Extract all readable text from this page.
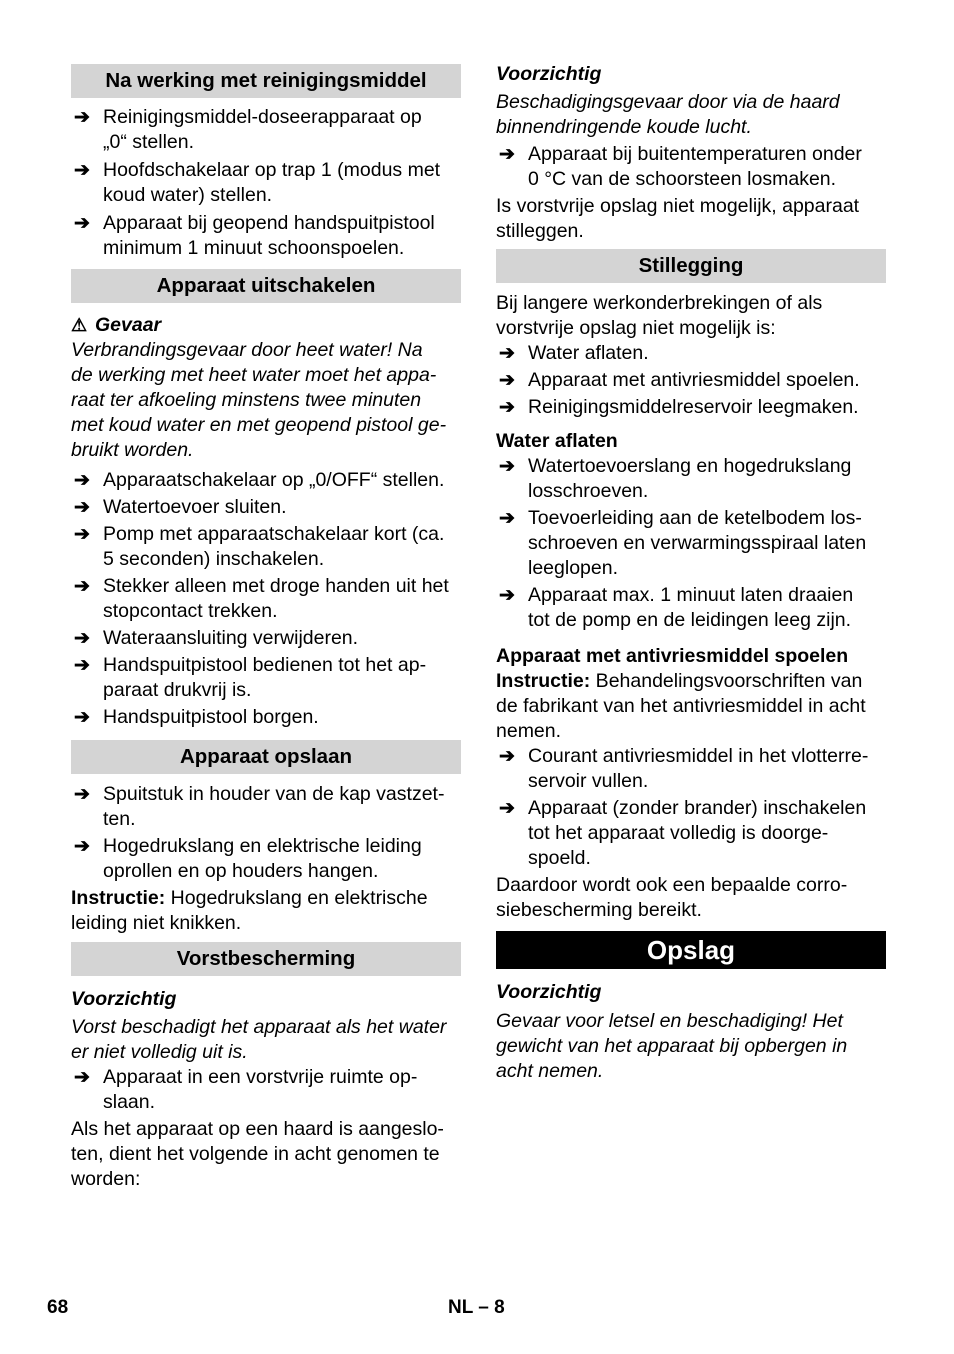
Na werking met reinigingsmiddel
➔ Reinigingsmiddel-doseerapparaat op
„0“ stellen.
➔ Hoofdschakelaar op trap 1 (modus met
koud water) stellen.
➔ Apparaat bij geopend handspuitpistool
minimum 1 minuut schoonspoelen.
Apparaat uitschakelen
⚠ Gevaar
Verbrandingsgevaar door heet water! Na
de werking met heet water moet het appa-
raat ter afkoeling minstens twee minuten
met koud water en met geopend pistool ge-
bruikt worden.
➔ Apparaatschakelaar op „0/OFF“ stellen.
➔ Watertoevoer sluiten.
➔ Pomp met apparaatschakelaar kort (ca.
5 seconden) inschakelen.
➔ Stekker alleen met droge handen uit het
stopcontact trekken.
➔ Wateraansluiting verwijderen.
➔ Handspuitpistool bedienen tot het ap-
paraat drukvrij is.
➔ Handspuitpistool borgen.
Apparaat opslaan
➔ Spuitstuk in houder van de kap vastzet-
ten.
➔ Hogedrukslang en elektrische leiding
oprollen en op houders hangen.
Instructie: Hogedrukslang en elektrische
leiding niet knikken.
Vorstbescherming
Voorzichtig
Vorst beschadigt het apparaat als het water
er niet volledig uit is.
➔ Apparaat in een vorstvrije ruimte op-
slaan.
Als het apparaat op een haard is aangeslo-
ten, dient het volgende in acht genomen te
worden:
Voorzichtig
Beschadigingsgevaar door via de haard
binnendringende koude lucht.
➔ Apparaat bij buitentemperaturen onder
0 °C van de schoorsteen losmaken.
Is vorstvrije opslag niet mogelijk, apparaat
stilleggen.
Stillegging
Bij langere werkonderbrekingen of als
vorstvrije opslag niet mogelijk is:
➔ Water aflaten.
➔ Apparaat met antivriesmiddel spoelen.
➔ Reinigingsmiddelreservoir leegmaken.
Water aflaten
➔ Watertoevoerslang en hogedrukslang
losschroeven.
➔ Toevoerleiding aan de ketelbodem los-
schroeven en verwarmingsspiraal laten
leeglopen.
➔ Apparaat max. 1 minuut laten draaien
tot de pomp en de leidingen leeg zijn.
Apparaat met antivriesmiddel spoelen
Instructie: Behandelingsvoorschriften van
de fabrikant van het antivriesmiddel in acht
nemen.
➔ Courant antivriesmiddel in het vlotterre-
servoir vullen.
➔ Apparaat (zonder brander) inschakelen
tot het apparaat volledig is doorge-
spoeld.
Daardoor wordt ook een bepaalde corro-
siebescherming bereikt.
Opslag
Voorzichtig
Gevaar voor letsel en beschadiging! Het
gewicht van het apparaat bij opbergen in
acht nemen.
68	NL – 8
